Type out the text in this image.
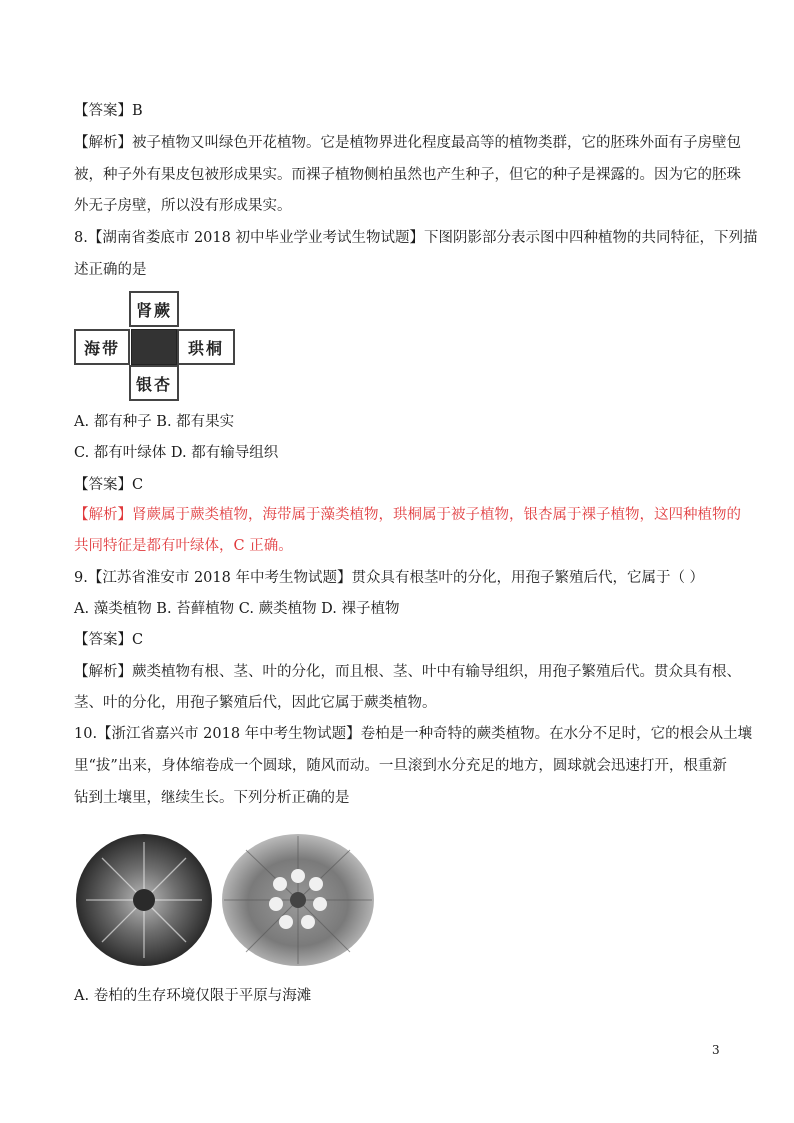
【答案】B
【解析】被子植物又叫绿色开花植物。它是植物界进化程度最高等的植物类群，它的胚珠外面有子房壁包
被，种子外有果皮包被形成果实。而裸子植物侧柏虽然也产生种子，但它的种子是裸露的。因为它的胚珠
外无子房壁，所以没有形成果实。
8.【湖南省娄底市 2018 初中毕业学业考试生物试题】下图阴影部分表示图中四种植物的共同特征，下列描
述正确的是
肾蕨
海带	珙桐
银杏
A. 都有种子 B. 都有果实
C. 都有叶绿体 D. 都有输导组织
【答案】C
【解析】肾蕨属于蕨类植物，海带属于藻类植物，珙桐属于被子植物，银杏属于裸子植物，这四种植物的
共同特征是都有叶绿体，C 正确。
9.【江苏省淮安市 2018 年中考生物试题】贯众具有根茎叶的分化，用孢子繁殖后代，它属于（ ）
A. 藻类植物 B. 苔藓植物 C. 蕨类植物 D. 裸子植物
【答案】C
【解析】蕨类植物有根、茎、叶的分化，而且根、茎、叶中有输导组织，用孢子繁殖后代。贯众具有根、
茎、叶的分化，用孢子繁殖后代，因此它属于蕨类植物。
10.【浙江省嘉兴市 2018 年中考生物试题】卷柏是一种奇特的蕨类植物。在水分不足时，它的根会从土壤
里“拔”出来，身体缩卷成一个圆球，随风而动。一旦滚到水分充足的地方，圆球就会迅速打开，根重新
钻到土壤里，继续生长。下列分析正确的是
A. 卷柏的生存环境仅限于平原与海滩
3
